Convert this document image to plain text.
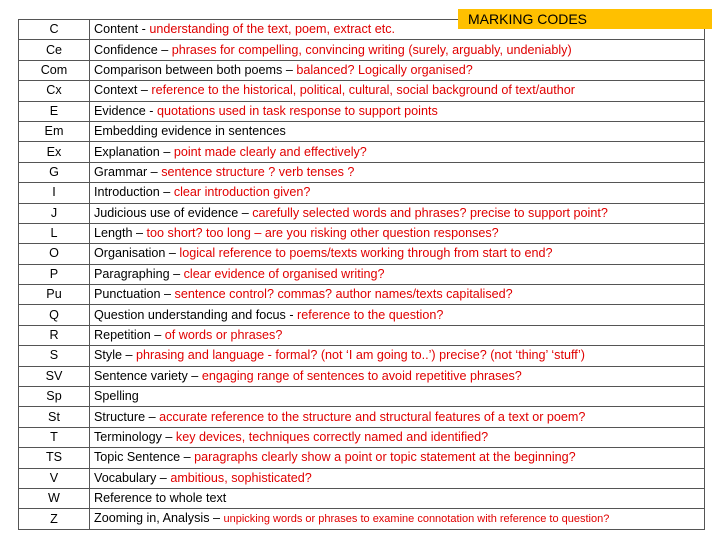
C	Content - understanding of the text, poem, extract etc.
Ce	Confidence – phrases for compelling, convincing writing (surely, arguably, undeniably)
Com	Comparison between both poems – balanced? Logically organised?
Cx	Context – reference to the historical, political, cultural, social background of text/author
E	Evidence - quotations used in task response to support points
Em	Embedding evidence in sentences
Ex	Explanation – point made clearly and effectively?
G	Grammar – sentence structure ? verb tenses ?
I	Introduction – clear introduction given?
J	Judicious use of evidence – carefully selected words and phrases? precise to support point?
L	Length – too short? too long – are you risking other question responses?
O	Organisation – logical reference to poems/texts working through from start to end?
P	Paragraphing – clear evidence of organised writing?
Pu	Punctuation – sentence control? commas? author names/texts capitalised?
Q	Question understanding and focus - reference to the question?
R	Repetition – of words or phrases?
S	Style – phrasing and language - formal? (not ‘I am going to..’) precise? (not ‘thing’ ‘stuff’)
SV	Sentence variety – engaging range of sentences to avoid repetitive phrases?
Sp	Spelling
St	Structure – accurate reference to the structure and structural features of a text or poem?
T	Terminology – key devices, techniques correctly named and identified?
TS	Topic Sentence – paragraphs clearly show a point or topic statement at the beginning?
V	Vocabulary – ambitious, sophisticated?
W	Reference to whole text
Z	Zooming in, Analysis – unpicking words or phrases to examine connotation with reference to question?
MARKING CODES
